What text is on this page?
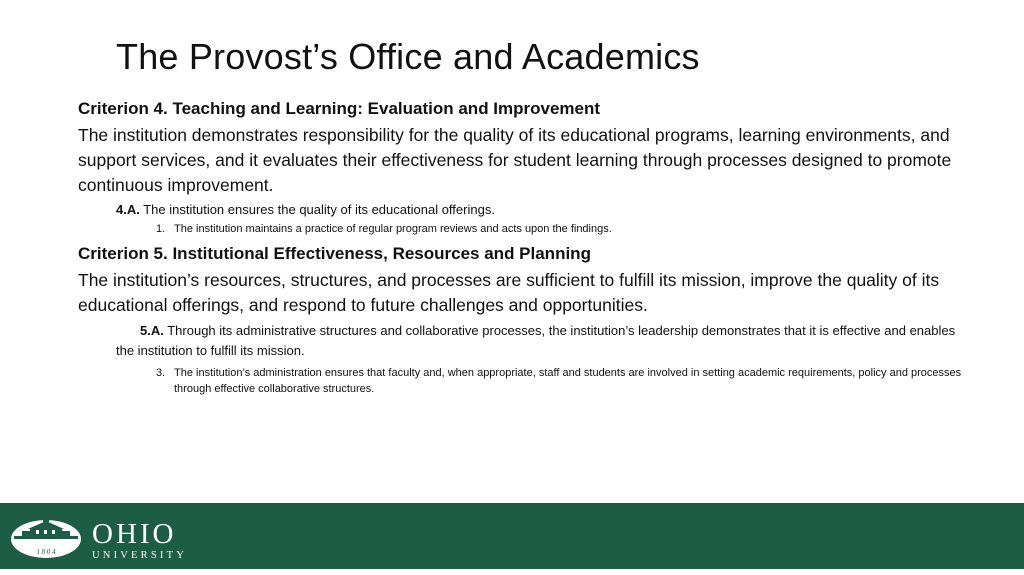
The Provost’s Office and Academics

Criterion 4. Teaching and Learning: Evaluation and Improvement

The institution demonstrates responsibility for the quality of its educational programs, learning environments, and support services, and it evaluates their effectiveness for student learning through processes designed to promote continuous improvement.

4.A. The institution ensures the quality of its educational offerings.

1. The institution maintains a practice of regular program reviews and acts upon the findings.

Criterion 5. Institutional Effectiveness, Resources and Planning

The institution’s resources, structures, and processes are sufficient to fulfill its mission, improve the quality of its educational offerings, and respond to future challenges and opportunities.

5.A. Through its administrative structures and collaborative processes, the institution’s leadership demonstrates that it is effective and enables the institution to fulfill its mission.

3. The institution’s administration ensures that faculty and, when appropriate, staff and students are involved in setting academic requirements, policy and processes through effective collaborative structures.
1 8 0 4
OHIO
UNIVERSITY
